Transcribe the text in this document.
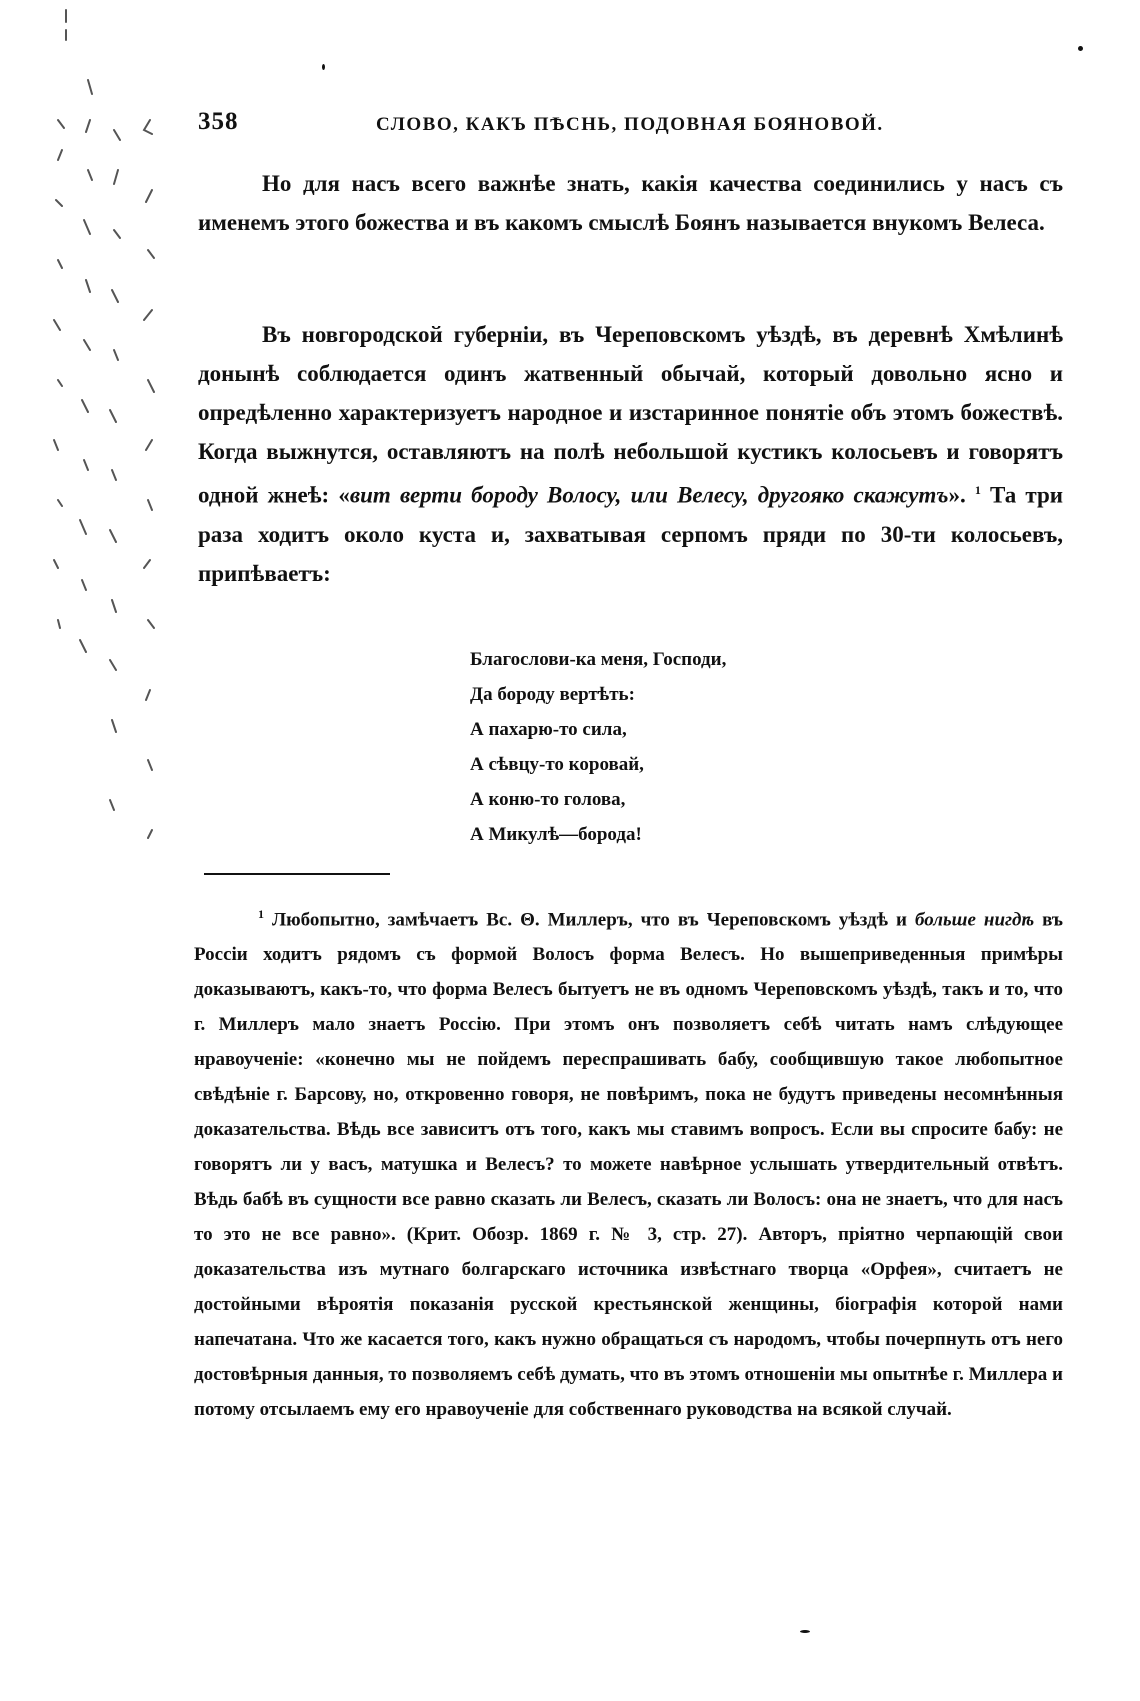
358	СЛОВО, КАКЪ ПѢСНЬ, ПОДОВНАЯ БОЯНОВОЙ.

Но для насъ всего важнѣе знать, какія качества соединились у насъ съ именемъ этого божества и въ какомъ смыслѣ Боянъ называется внукомъ Велеса.

Въ новгородской губерніи, въ Череповскомъ уѣздѣ, въ деревнѣ Хмѣлинѣ донынѣ соблюдается одинъ жатвенный обычай, который довольно ясно и опредѣленно характеризуетъ народное и изстаринное понятіе объ этомъ божествѣ. Когда выжнутся, оставляютъ на полѣ небольшой кустикъ колосьевъ и говорятъ одной жнеѣ: «вит верти бороду Волосу, или Велесу, другояко скажутъ». $^1$ Та три раза ходитъ около куста и, захватывая серпомъ пряди по 30-ти колосьевъ, припѣваетъ:

Благослови-ка меня, Господи,
Да бороду вертѣть:
А пахарю-то сила,
А сѣвцу-то коровай,
А коню-то голова,
А Микулѣ—борода!

$^1$ Любопытно, замѣчаетъ Вс. Θ. Миллеръ, что въ Череповскомъ уѣздѣ и больше нигдѣ въ Россіи ходитъ рядомъ съ формой Волосъ форма Велесъ. Но вышеприведенныя примѣры доказываютъ, какъ-то, что форма Велесъ бытуетъ не въ одномъ Череповскомъ уѣздѣ, такъ и то, что г. Миллеръ мало знаетъ Россію. При этомъ онъ позволяетъ себѣ читать намъ слѣдующее нравоученіе: «конечно мы не пойдемъ переспрашивать бабу, сообщившую такое любопытное свѣдѣніе г. Барсову, но, откровенно говоря, не повѣримъ, пока не будутъ приведены несомнѣнныя доказательства. Вѣдь все зависитъ отъ того, какъ мы ставимъ вопросъ. Если вы спросите бабу: не говорятъ ли у васъ, матушка и Велесъ? то можете навѣрное услышать утвердительный отвѣтъ. Вѣдь бабѣ въ сущности все равно сказать ли Велесъ, сказать ли Волосъ: она не знаетъ, что для насъ то это не все равно». (Крит. Обозр. 1869 г. № 3, стр. 27). Авторъ, пріятно черпающій свои доказательства изъ мутнаго болгарскаго источника извѣстнаго творца «Орфея», считаетъ не достойными вѣроятія показанія русской крестьянской женщины, біографія которой нами напечатана. Что же касается того, какъ нужно обращаться съ народомъ, чтобы почерпнуть отъ него достовѣрныя данныя, то позволяемъ себѣ думать, что въ этомъ отношеніи мы опытнѣе г. Миллера и потому отсылаемъ ему его нравоученіе для собственнаго руководства на всякой случай.
